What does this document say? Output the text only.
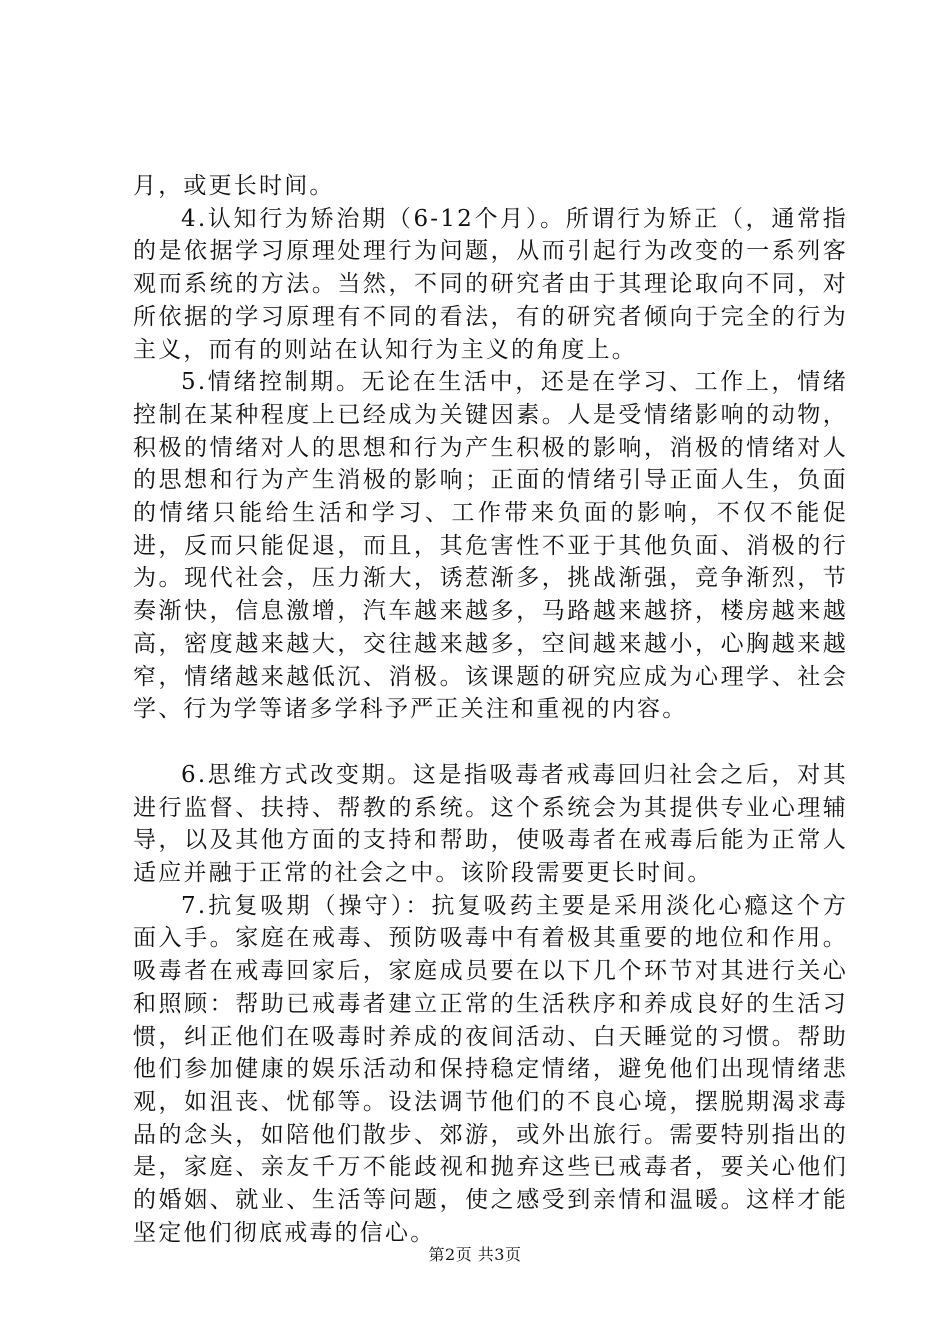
月，或更长时间。

4.认知行为矫治期（6-12个月）。所谓行为矫正（，通常指的是依据学习原理处理行为问题，从而引起行为改变的一系列客观而系统的方法。当然，不同的研究者由于其理论取向不同，对所依据的学习原理有不同的看法，有的研究者倾向于完全的行为主义，而有的则站在认知行为主义的角度上。

5.情绪控制期。无论在生活中，还是在学习、工作上，情绪控制在某种程度上已经成为关键因素。人是受情绪影响的动物，积极的情绪对人的思想和行为产生积极的影响，消极的情绪对人的思想和行为产生消极的影响；正面的情绪引导正面人生，负面的情绪只能给生活和学习、工作带来负面的影响，不仅不能促进，反而只能促退，而且，其危害性不亚于其他负面、消极的行为。现代社会，压力渐大，诱惹渐多，挑战渐强，竞争渐烈，节奏渐快，信息激增，汽车越来越多，马路越来越挤，楼房越来越高，密度越来越大，交往越来越多，空间越来越小，心胸越来越窄，情绪越来越低沉、消极。该课题的研究应成为心理学、社会学、行为学等诸多学科予严正关注和重视的内容。

6.思维方式改变期。这是指吸毒者戒毒回归社会之后，对其进行监督、扶持、帮教的系统。这个系统会为其提供专业心理辅导，以及其他方面的支持和帮助，使吸毒者在戒毒后能为正常人适应并融于正常的社会之中。该阶段需要更长时间。

7.抗复吸期（操守）：抗复吸药主要是采用淡化心瘾这个方面入手。家庭在戒毒、预防吸毒中有着极其重要的地位和作用。吸毒者在戒毒回家后，家庭成员要在以下几个环节对其进行关心和照顾：帮助已戒毒者建立正常的生活秩序和养成良好的生活习惯，纠正他们在吸毒时养成的夜间活动、白天睡觉的习惯。帮助他们参加健康的娱乐活动和保持稳定情绪，避免他们出现情绪悲观，如沮丧、忧郁等。设法调节他们的不良心境，摆脱期渴求毒品的念头，如陪他们散步、郊游，或外出旅行。需要特别指出的是，家庭、亲友千万不能歧视和抛弃这些已戒毒者，要关心他们的婚姻、就业、生活等问题，使之感受到亲情和温暖。这样才能坚定他们彻底戒毒的信心。

第2页 共3页
